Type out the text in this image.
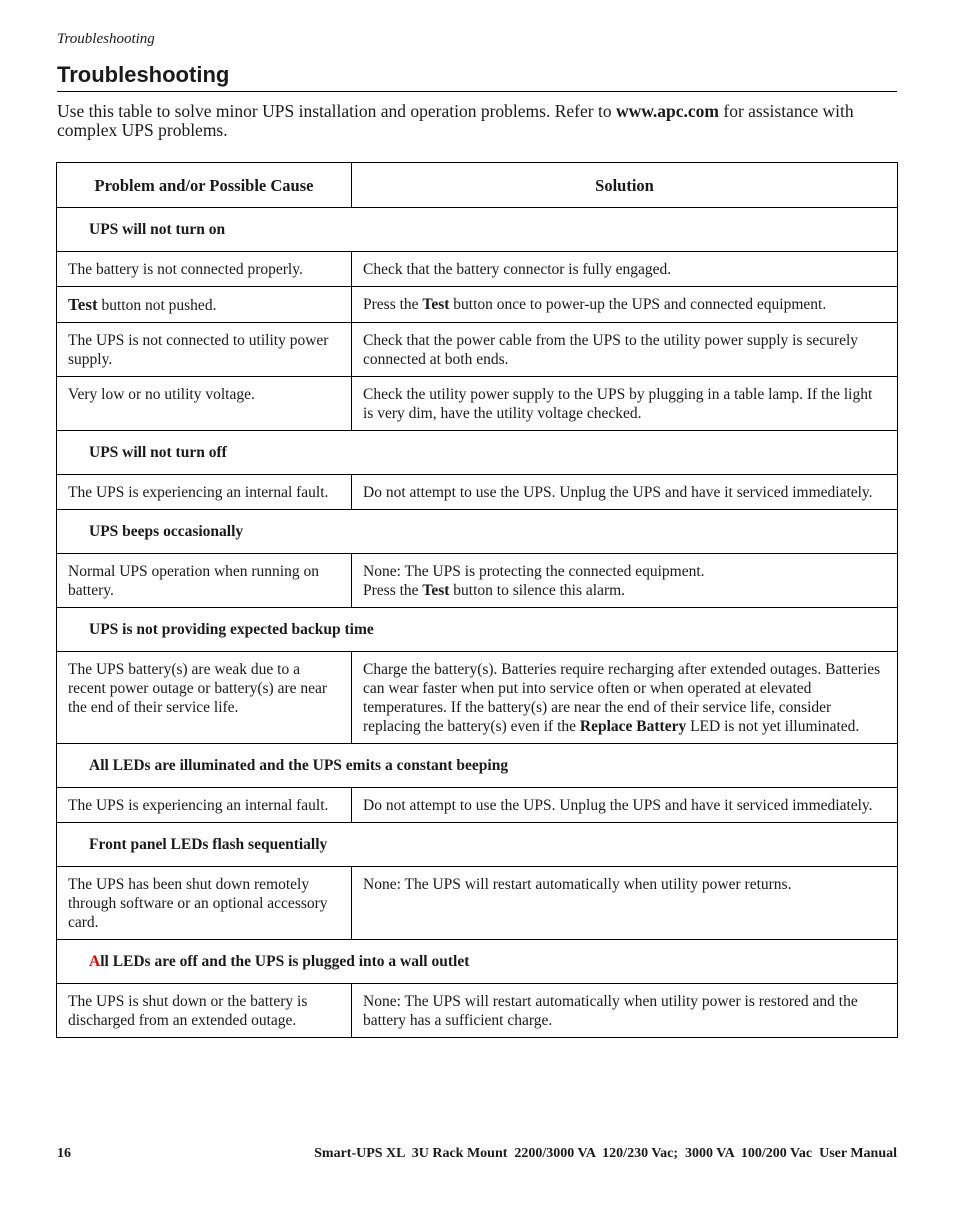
Troubleshooting
Troubleshooting

Use this table to solve minor UPS installation and operation problems. Refer to www.apc.com for assistance with complex UPS problems.

Problem and/or Possible Cause	Solution

UPS will not turn on	

The battery is not connected properly.	Check that the battery connector is fully engaged.

Test button not pushed.	Press the Test button once to power-up the UPS and connected equipment.

The UPS is not connected to utility power supply.	Check that the power cable from the UPS to the utility power supply is securely connected at both ends.

Very low or no utility voltage.	Check the utility power supply to the UPS by plugging in a table lamp. If the light is very dim, have the utility voltage checked.

UPS will not turn off	

The UPS is experiencing an internal fault.	Do not attempt to use the UPS. Unplug the UPS and have it serviced immediately.

UPS beeps occasionally	

Normal UPS operation when running on battery.	None: The UPS is protecting the connected equipment.
Press the Test button to silence this alarm.

UPS is not providing expected backup time	

The UPS battery(s) are weak due to a recent power outage or battery(s) are near the end of their service life.	Charge the battery(s). Batteries require recharging after extended outages. Batteries can wear faster when put into service often or when operated at elevated temperatures. If the battery(s) are near the end of their service life, consider replacing the battery(s) even if the Replace Battery LED is not yet illuminated.

All LEDs are illuminated and the UPS emits a constant beeping	

The UPS is experiencing an internal fault.	Do not attempt to use the UPS. Unplug the UPS and have it serviced immediately.

Front panel LEDs flash sequentially	

The UPS has been shut down remotely through software or an optional accessory card.	None: The UPS will restart automatically when utility power returns.

All LEDs are off and the UPS is plugged into a wall outlet	

The UPS is shut down or the battery is discharged from an extended outage.	None: The UPS will restart automatically when utility power is restored and the battery has a sufficient charge.
16	Smart-UPS XL  3U Rack Mount  2200/3000 VA  120/230 Vac;  3000 VA  100/200 Vac  User Manual
